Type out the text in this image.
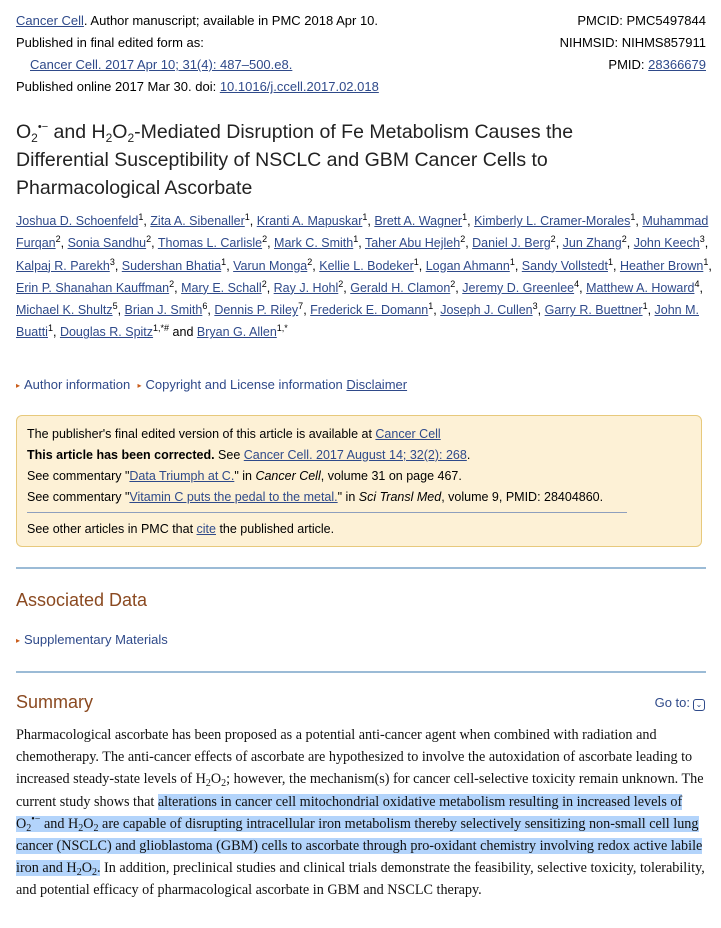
Cancer Cell. Author manuscript; available in PMC 2018 Apr 10.	PMCID: PMC5497844
Published in final edited form as:	NIHMSID: NIHMS857911
Cancer Cell. 2017 Apr 10; 31(4): 487–500.e8.	PMID: 28366679
Published online 2017 Mar 30. doi: 10.1016/j.ccell.2017.02.018
$O_2^{•-}$ and $H_2O_2$-Mediated Disruption of Fe Metabolism Causes the
Differential Susceptibility of NSCLC and GBM Cancer Cells to
Pharmacological Ascorbate
Joshua D. Schoenfeld$^1$, Zita A. Sibenaller$^1$, Kranti A. Mapuskar$^1$, Brett A. Wagner$^1$, Kimberly L. Cramer-Morales$^1$, Muhammad Furqan$^2$, Sonia Sandhu$^2$, Thomas L. Carlisle$^2$, Mark C. Smith$^1$, Taher Abu Hejleh$^2$, Daniel J. Berg$^2$, Jun Zhang$^2$, John Keech$^3$, Kalpaj R. Parekh$^3$, Sudershan Bhatia$^1$, Varun Monga$^2$, Kellie L. Bodeker$^1$, Logan Ahmann$^1$, Sandy Vollstedt$^1$, Heather Brown$^1$, Erin P. Shanahan Kauffman$^2$, Mary E. Schall$^2$, Ray J. Hohl$^2$, Gerald H. Clamon$^2$, Jeremy D. Greenlee$^4$, Matthew A. Howard$^4$, Michael K. Shultz$^5$, Brian J. Smith$^6$, Dennis P. Riley$^7$, Frederick E. Domann$^1$, Joseph J. Cullen$^3$, Garry R. Buettner$^1$, John M. Buatti$^1$, Douglas R. Spitz$^{1,*\#}$ and Bryan G. Allen$^{1,*}$
▸ Author information ▸ Copyright and License information Disclaimer
The publisher's final edited version of this article is available at Cancer Cell
This article has been corrected. See Cancer Cell. 2017 August 14; 32(2): 268.
See commentary "Data Triumph at C." in Cancer Cell, volume 31 on page 467.
See commentary "Vitamin C puts the pedal to the metal." in Sci Transl Med, volume 9, PMID: 28404860.
See other articles in PMC that cite the published article.
Associated Data
▸ Supplementary Materials
Summary	Go to: ⌄
Pharmacological ascorbate has been proposed as a potential anti-cancer agent when combined with radiation and chemotherapy. The anti-cancer effects of ascorbate are hypothesized to involve the autoxidation of ascorbate leading to increased steady-state levels of $H_2O_2$; however, the mechanism(s) for cancer cell-selective toxicity remain unknown. The current study shows that alterations in cancer cell mitochondrial oxidative metabolism resulting in increased levels of $O_2^{•-}$ and $H_2O_2$ are capable of disrupting intracellular iron metabolism thereby selectively sensitizing non-small cell lung cancer (NSCLC) and glioblastoma (GBM) cells to ascorbate through pro-oxidant chemistry involving redox active labile iron and $H_2O_2$. In addition, preclinical studies and clinical trials demonstrate the feasibility, selective toxicity, tolerability, and potential efficacy of pharmacological ascorbate in GBM and NSCLC therapy.
